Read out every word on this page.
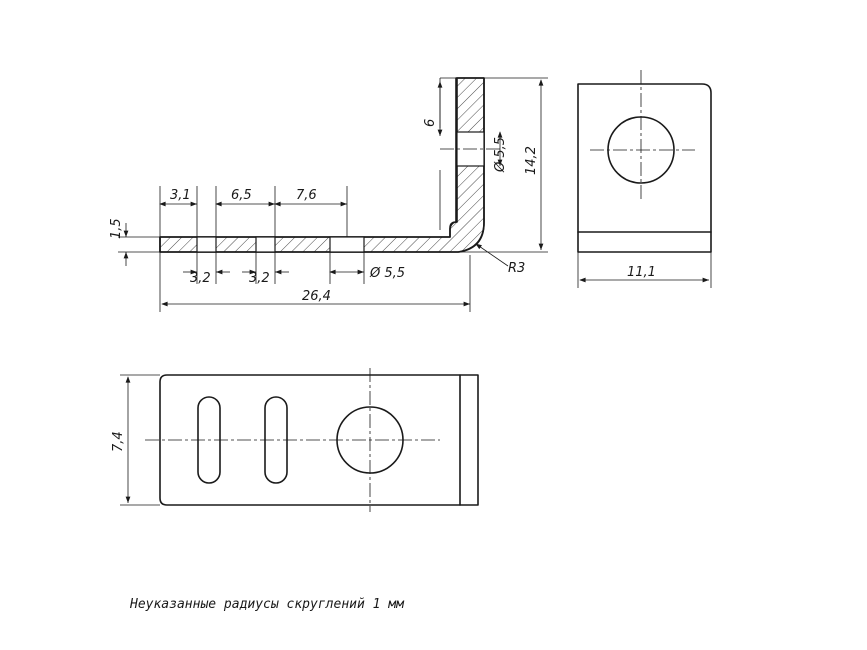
6
Ø 5,5 14,2
1,5
3,1	6,5	7,6
3,2	3,2	Ø 5,5
26,4
R3	11,1
7,4
Неуказанные радиусы скруглений 1 мм
